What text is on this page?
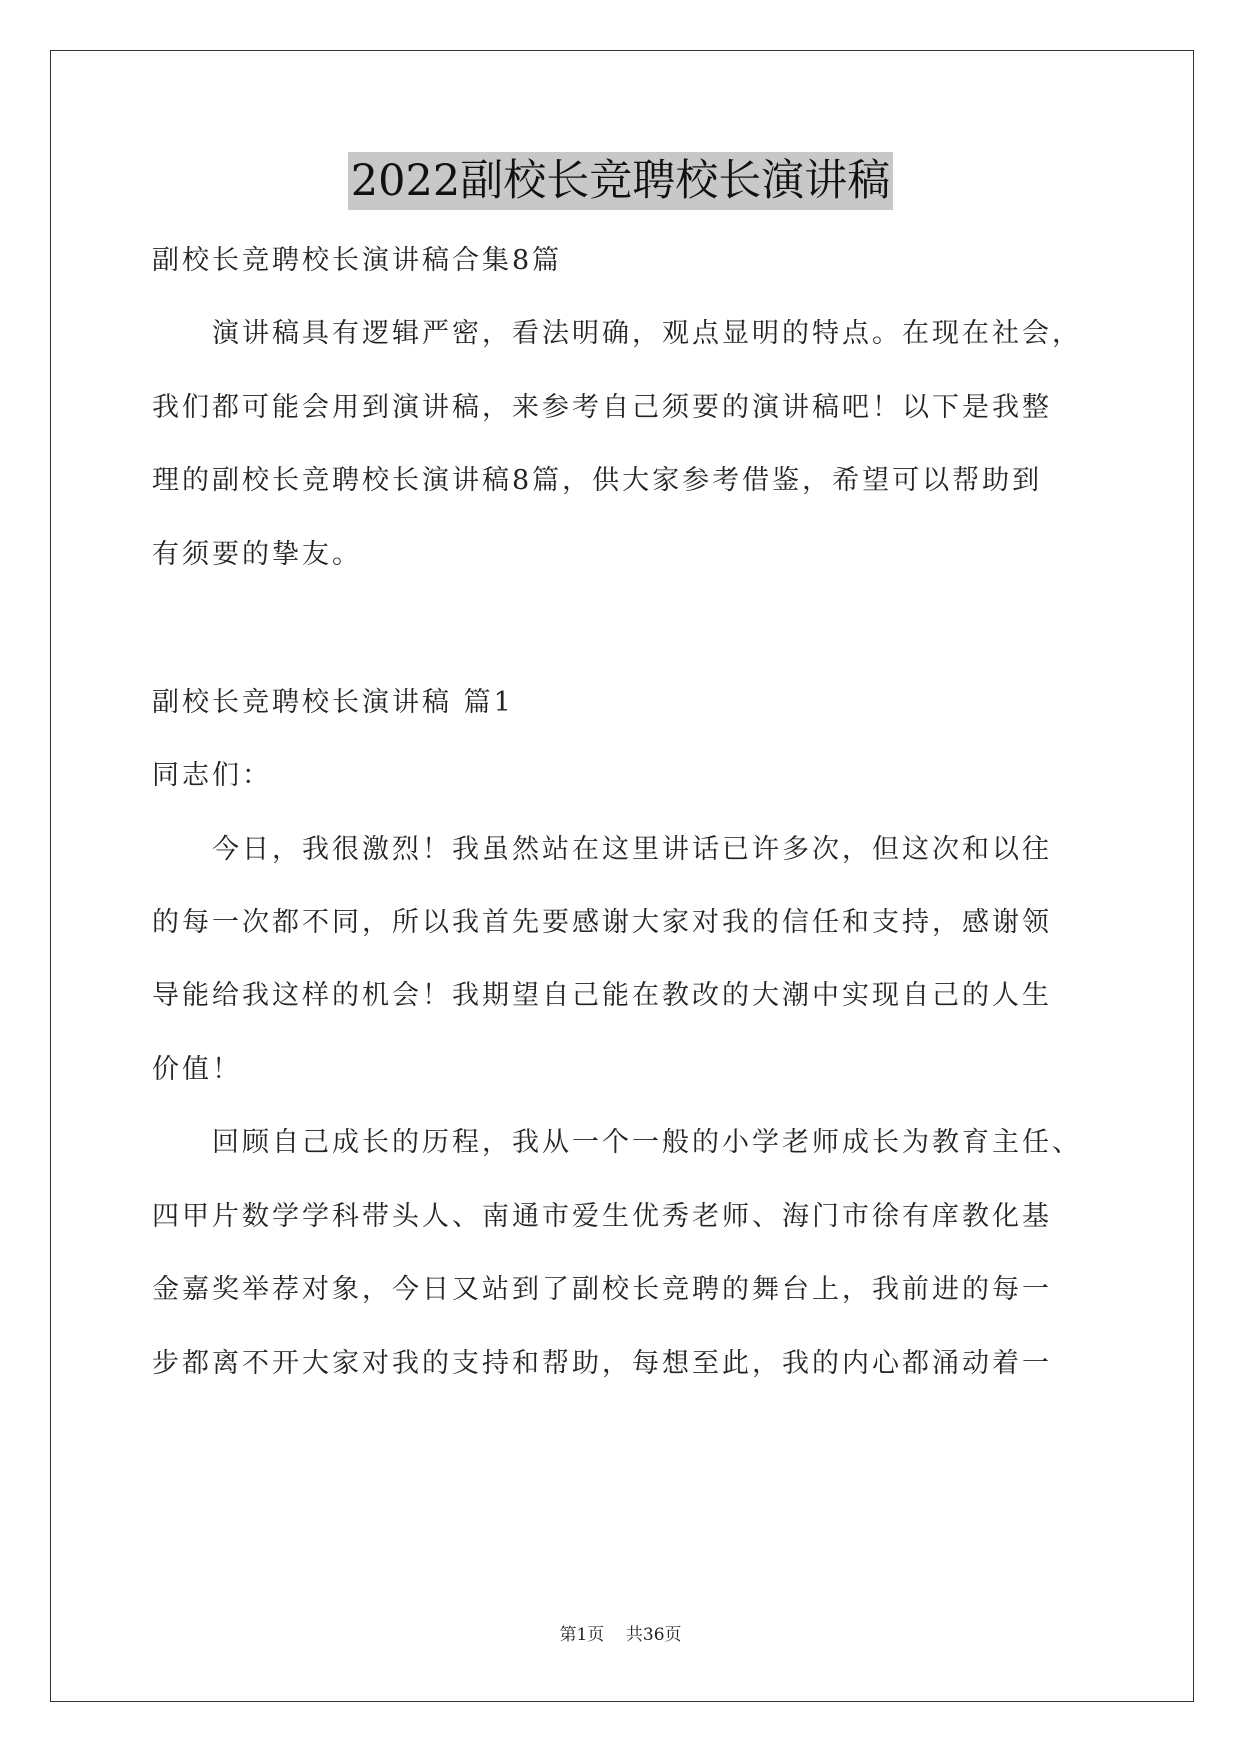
2022副校长竞聘校长演讲稿
副校长竞聘校长演讲稿合集8篇
演讲稿具有逻辑严密，看法明确，观点显明的特点。在现在社会，
我们都可能会用到演讲稿，来参考自己须要的演讲稿吧！以下是我整
理的副校长竞聘校长演讲稿8篇，供大家参考借鉴，希望可以帮助到
有须要的挚友。
副校长竞聘校长演讲稿 篇1
同志们：
今日，我很激烈！我虽然站在这里讲话已许多次，但这次和以往
的每一次都不同，所以我首先要感谢大家对我的信任和支持，感谢领
导能给我这样的机会！我期望自己能在教改的大潮中实现自己的人生
价值！
回顾自己成长的历程，我从一个一般的小学老师成长为教育主任、
四甲片数学学科带头人、南通市爱生优秀老师、海门市徐有庠教化基
金嘉奖举荐对象，今日又站到了副校长竞聘的舞台上，我前进的每一
步都离不开大家对我的支持和帮助，每想至此，我的内心都涌动着一
第1页    共36页
